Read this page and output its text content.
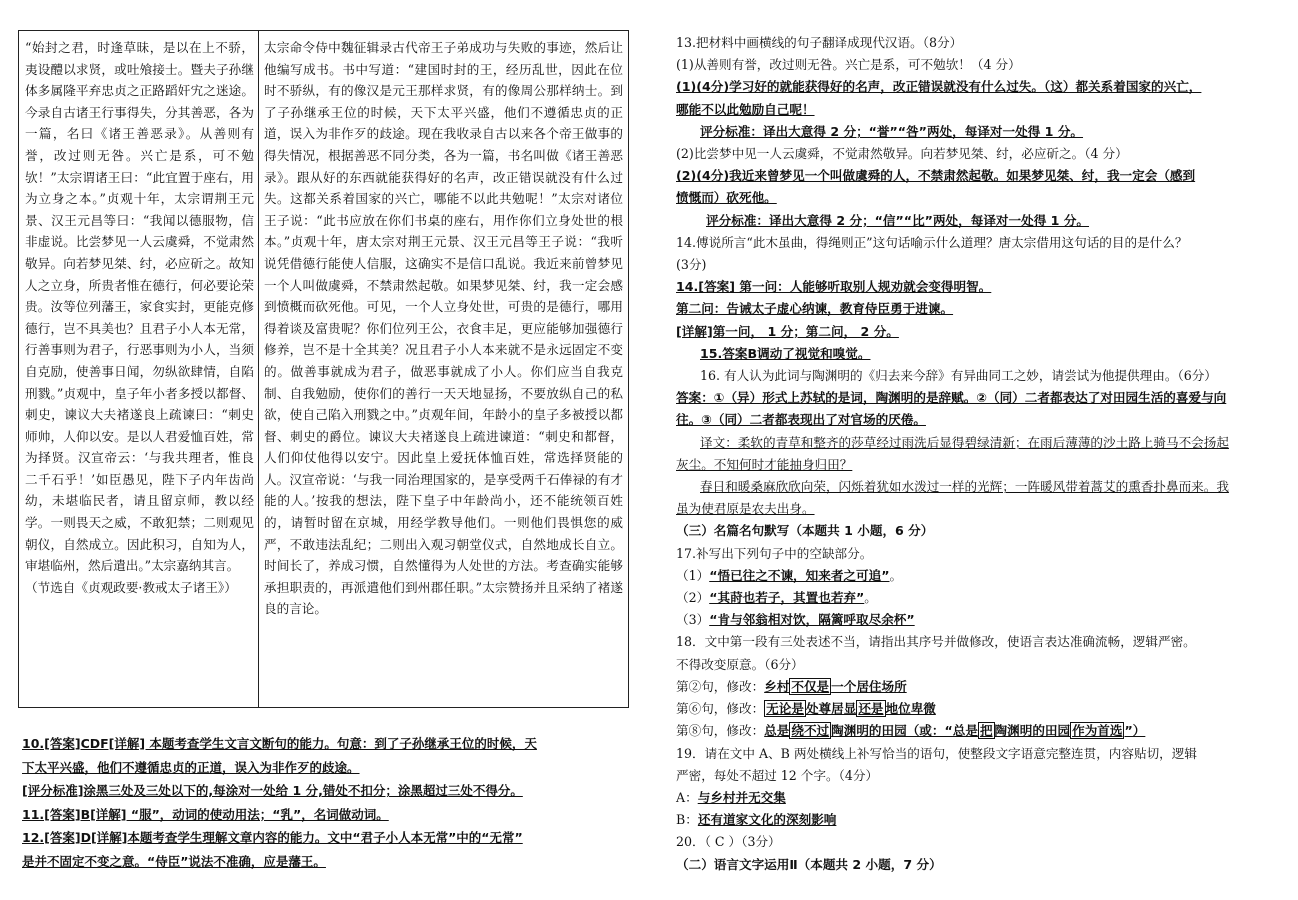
“始封之君，时逢草昧，是以在上不骄，夷设醴以求贤，或吐飧接士。暨夫子孙继体多属隆平弃忠贞之正路蹈奸宄之迷途。今录自古诸王行事得失，分其善恶，各为一篇，名曰《诸王善恶录》。从善则有誉，改过则无咎。兴亡是系，可不勉欤！”太宗谓诸王曰：“此宜置于座右，用为立身之本。”贞观十年，太宗谓荆王元景、汉王元昌等曰：“我闻以德服物，信非虚说。比尝梦见一人云虞舜，不觉肃然敬异。向若梦见桀、纣，必应斫之。故知人之立身，所贵者惟在德行，何必要论荣贵。汝等位列藩王，家食实封，更能克修德行，岂不具美也？且君子小人本无常，行善事则为君子，行恶事则为小人，当须自克励，使善事日闻，勿纵欲肆情，自陷刑戮。”贞观中，皇子年小者多授以都督、刺史，谏议大夫褚遂良上疏谏曰：“刺史师帅，人仰以安。是以人君爱恤百姓，常为择贤。汉宣帝云：‘与我共理者，惟良二千石乎！’如臣愚见，陛下子内年齿尚幼，未堪临民者，请且留京师，教以经学。一则畏天之威，不敢犯禁；二则观见朝仪，自然成立。因此积习，自知为人，审堪临州，然后遣出。”太宗嘉纳其言。

（节选自《贞观政要·教戒太子诸王》）

太宗命令侍中魏征辑录古代帝王子弟成功与失败的事迹，然后让他编写成书。书中写道：“建国时封的王，经历乱世，因此在位时不骄纵，有的像汉是元王那样求贤，有的像周公那样纳士。到了子孙继承王位的时候，天下太平兴盛，他们不遵循忠贞的正道，误入为非作歹的歧途。现在我收录自古以来各个帝王做事的得失情况，根据善恶不同分类，各为一篇，书名叫做《诸王善恶录》。跟从好的东西就能获得好的名声，改正错误就没有什么过失。这都关系着国家的兴亡，哪能不以此共勉呢！”太宗对诸位王子说：“此书应放在你们书桌的座右，用作你们立身处世的根本。”贞观十年，唐太宗对荆王元景、汉王元昌等王子说：“我听说凭借德行能使人信服，这确实不是信口乱说。我近来前曾梦见一个人叫做虞舜，不禁肃然起敬。如果梦见桀、纣，我一定会感到愤概而砍死他。可见，一个人立身处世，可贵的是德行，哪用得着谈及富贵呢？你们位列王公，衣食丰足，更应能够加强德行修养，岂不是十全其美？况且君子小人本来就不是永远固定不变的。做善事就成为君子，做恶事就成了小人。你们应当自我克制、自我勉励，使你们的善行一天天地显扬，不要放纵自己的私欲，使自己陷入刑戮之中。”贞观年间，年龄小的皇子多被授以都督、刺史的爵位。谏议大夫褚遂良上疏进谏道：“刺史和都督，人们仰仗他得以安宁。因此皇上爱抚体恤百姓，常选择贤能的人。汉宣帝说：‘与我一同治理国家的，是享受两千石俸禄的有才能的人。’按我的想法，陛下皇子中年龄尚小，还不能统领百姓的，请暂时留在京城，用经学教导他们。一则他们畏惧您的威严，不敢违法乱纪；二则出入观习朝堂仪式，自然地成长自立。时间长了，养成习惯，自然懂得为人处世的方法。考查确实能够承担职责的，再派遣他们到州郡任职。”太宗赞扬并且采纳了褚遂良的言论。

10.[答案]CDF[详解] 本题考查学生文言文断句的能力。句意：到了子孙继承王位的时候，天
下太平兴盛，他们不遵循忠贞的正道，误入为非作歹的歧途。
[评分标准]涂黑三处及三处以下的,每涂对一处给 1 分,错处不扣分；涂黑超过三处不得分。
11.[答案]B[详解] “服”，动词的使动用法；“乳”，名词做动词。
12.[答案]D[详解]本题考查学生理解文章内容的能力。文中“君子小人本无常”中的“无常”
是并不固定不变之意。“侍臣”说法不准确，应是藩王。
13.把材料中画横线的句子翻译成现代汉语。（8分）
(1)从善则有誉，改过则无咎。兴亡是系，可不勉欤！（4 分）
(1)(4分)学习好的就能获得好的名声，改正错误就没有什么过失。（这）都关系着国家的兴亡，
哪能不以此勉励自己呢！
评分标准：译出大意得 2 分；“誉”“咎”两处，每译对一处得 1 分。
(2)比尝梦中见一人云虞舜，不觉肃然敬异。向若梦见桀、纣，必应斫之。（4 分）
(2)(4分)我近来曾梦见一个叫做虞舜的人，不禁肃然起敬。如果梦见桀、纣，我一定会（感到
愤慨而）砍死他。
评分标准：译出大意得 2 分；“信”“比”两处，每译对一处得 1 分。
14.傅说所言“此木虽曲，得绳则正”这句话喻示什么道理？唐太宗借用这句话的目的是什么？
(3分)
14.[答案] 第一问：人能够听取别人规劝就会变得明智。
第二问：告诫太子虚心纳谏，教育侍臣勇于进谏。
[详解]第一问， 1 分；第二问， 2 分。
15.答案B调动了视觉和嗅觉。
16. 有人认为此词与陶渊明的《归去来今辞》有异曲同工之妙，请尝试为他提供理由。（6分）
答案：①（异）形式上苏轼的是词，陶渊明的是辞赋。②（同）二者都表达了对田园生活的喜爱与向
往。③（同）二者都表现出了对官场的厌倦。
译文：柔软的青草和整齐的莎草经过雨洗后显得碧绿清新；在雨后薄薄的沙土路上骑马不会扬起
灰尘。不知何时才能抽身归田？
春日和暖桑麻欣欣向荣，闪烁着犹如水泼过一样的光辉；一阵暖风带着蒿艾的熏香扑鼻而来。我
虽为使君原是农夫出身。
（三）名篇名句默写（本题共 1 小题，6 分）
17.补写出下列句子中的空缺部分。
（1）“悟已往之不谏，知来者之可追”。
（2）“其莳也若子，其置也若弃”。
（3）“肯与邻翁相对饮，隔篱呼取尽余杯”
18．文中第一段有三处表述不当，请指出其序号并做修改，使语言表达准确流畅，逻辑严密。
不得改变原意。（6分）
第②句，修改：乡村 不仅是 一个居住场所
第⑥句，修改： 无论是 处尊居显 还是 地位卑微
第⑧句，修改：总是 绕不过 陶渊明的田园（或：“总是 把 陶渊明的田园 作为首选 ”）
19．请在文中 A、B 两处横线上补写恰当的语句，使整段文字语意完整连贯，内容贴切，逻辑
严密，每处不超过 12 个字。（4分）
A：与乡村并无交集
B：还有道家文化的深刻影响
20．（ C ）（3分）
（二）语言文字运用Ⅱ（本题共 2 小题，7 分）
